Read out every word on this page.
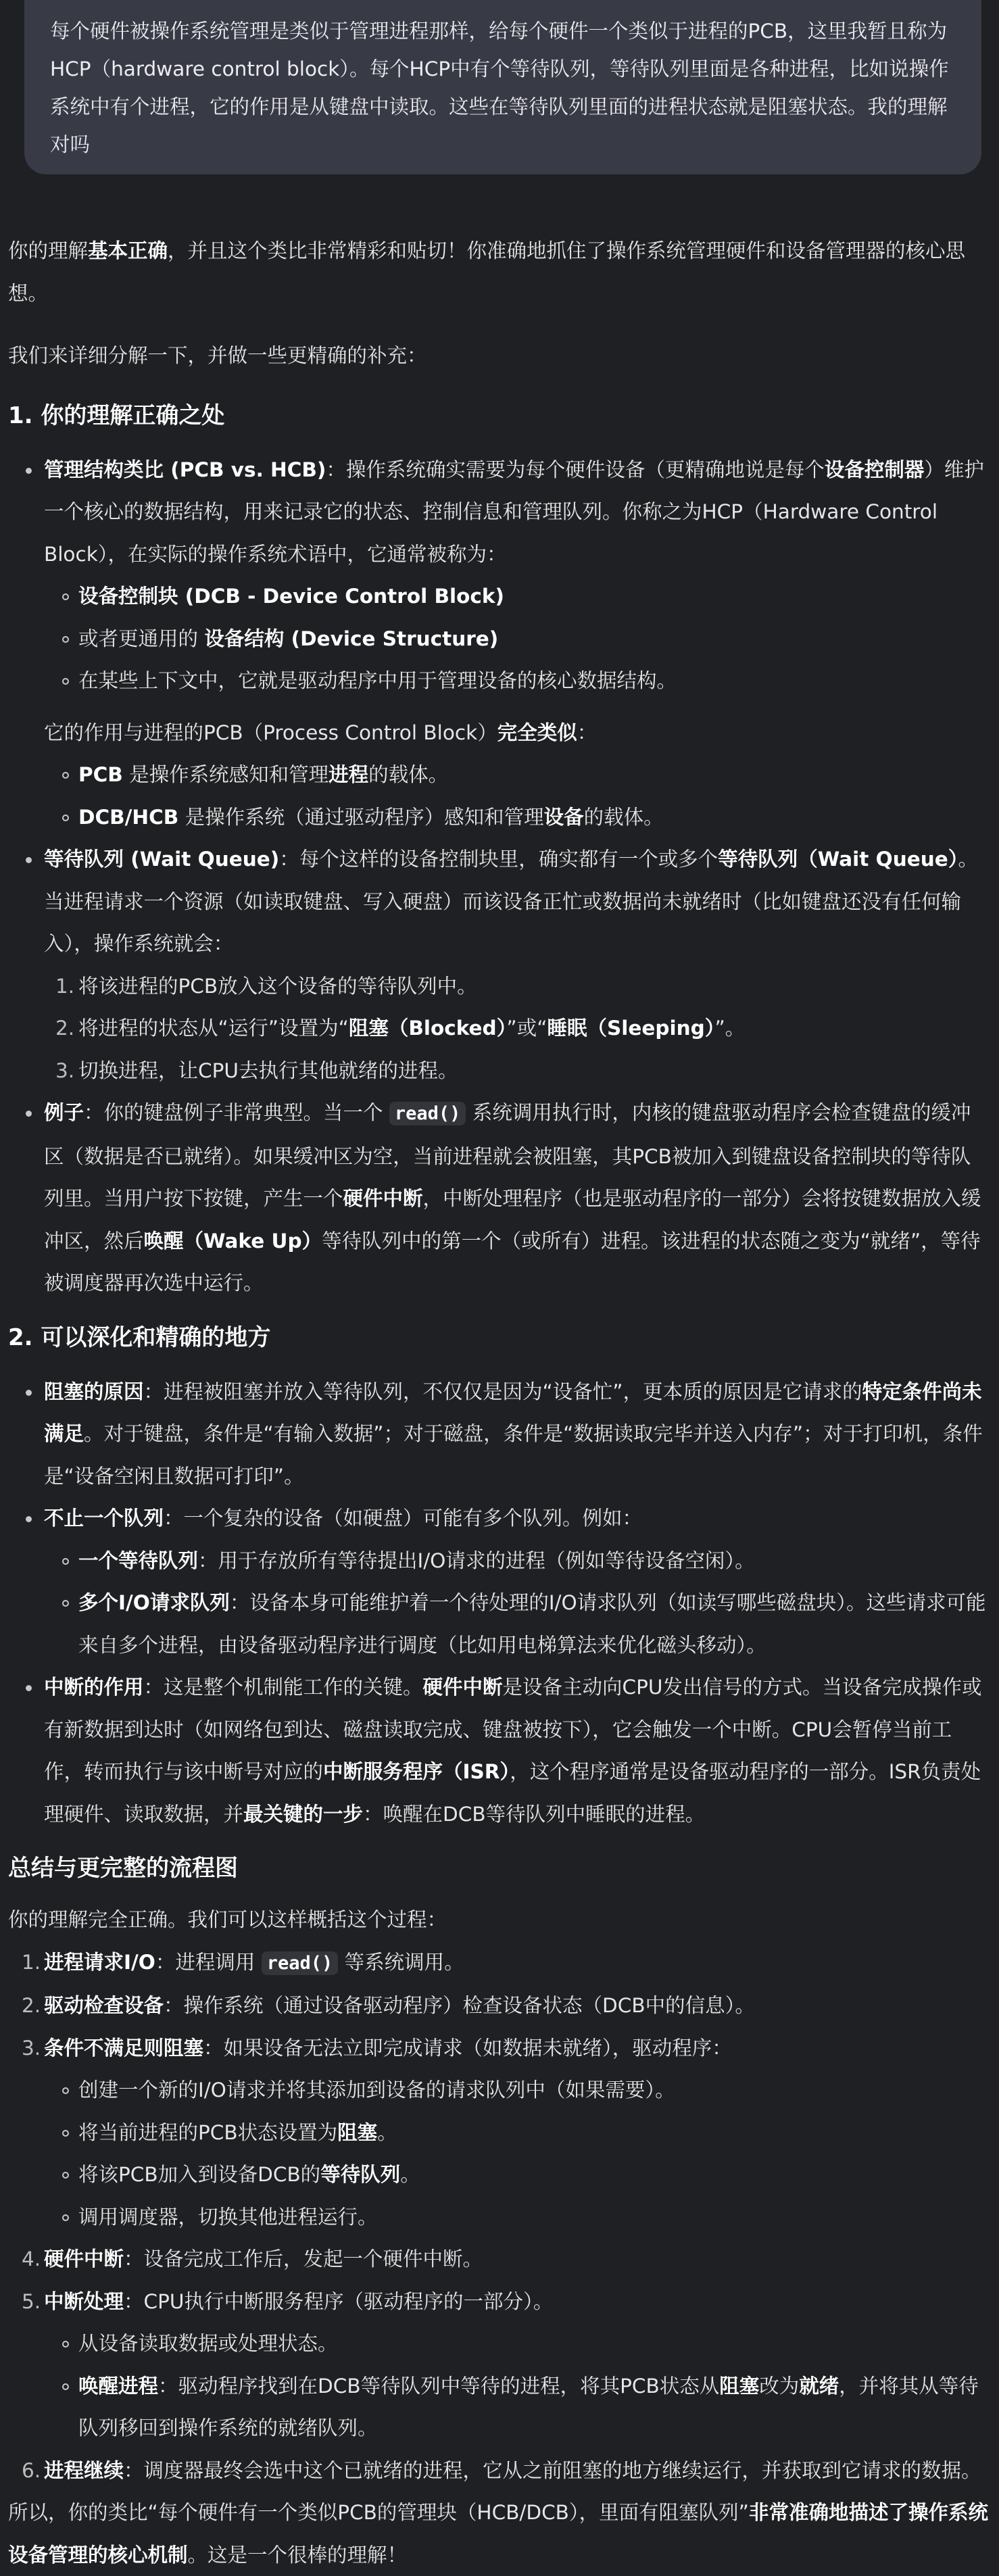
每个硬件被操作系统管理是类似于管理进程那样，给每个硬件一个类似于进程的PCB，这里我暂且称为HCP（hardware control block）。每个HCP中有个等待队列，等待队列里面是各种进程，比如说操作系统中有个进程，它的作用是从键盘中读取。这些在等待队列里面的进程状态就是阻塞状态。我的理解对吗

你的理解基本正确，并且这个类比非常精彩和贴切！你准确地抓住了操作系统管理硬件和设备管理器的核心思想。

我们来详细分解一下，并做一些更精确的补充：

1. 你的理解正确之处
管理结构类比 (PCB vs. HCB)：操作系统确实需要为每个硬件设备（更精确地说是每个设备控制器）维护一个核心的数据结构，用来记录它的状态、控制信息和管理队列。你称之为HCP（Hardware Control Block），在实际的操作系统术语中，它通常被称为：
设备控制块 (DCB - Device Control Block)
或者更通用的 设备结构 (Device Structure)
在某些上下文中，它就是驱动程序中用于管理设备的核心数据结构。
它的作用与进程的PCB（Process Control Block）完全类似：
PCB 是操作系统感知和管理进程的载体。
DCB/HCB 是操作系统（通过驱动程序）感知和管理设备的载体。
等待队列 (Wait Queue)：每个这样的设备控制块里，确实都有一个或多个等待队列（Wait Queue）。当进程请求一个资源（如读取键盘、写入硬盘）而该设备正忙或数据尚未就绪时（比如键盘还没有任何输入），操作系统就会：
1. 将该进程的PCB放入这个设备的等待队列中。
2. 将进程的状态从“运行”设置为“阻塞（Blocked）”或“睡眠（Sleeping）”。
3. 切换进程，让CPU去执行其他就绪的进程。
例子：你的键盘例子非常典型。当一个 read() 系统调用执行时，内核的键盘驱动程序会检查键盘的缓冲区（数据是否已就绪）。如果缓冲区为空，当前进程就会被阻塞，其PCB被加入到键盘设备控制块的等待队列里。当用户按下按键，产生一个硬件中断，中断处理程序（也是驱动程序的一部分）会将按键数据放入缓冲区，然后唤醒（Wake Up）等待队列中的第一个（或所有）进程。该进程的状态随之变为“就绪”，等待被调度器再次选中运行。
2. 可以深化和精确的地方
阻塞的原因：进程被阻塞并放入等待队列，不仅仅是因为“设备忙”，更本质的原因是它请求的特定条件尚未满足。对于键盘，条件是“有输入数据”；对于磁盘，条件是“数据读取完毕并送入内存”；对于打印机，条件是“设备空闲且数据可打印”。
不止一个队列：一个复杂的设备（如硬盘）可能有多个队列。例如：
一个等待队列：用于存放所有等待提出I/O请求的进程（例如等待设备空闲）。
多个I/O请求队列：设备本身可能维护着一个待处理的I/O请求队列（如读写哪些磁盘块）。这些请求可能来自多个进程，由设备驱动程序进行调度（比如用电梯算法来优化磁头移动）。
中断的作用：这是整个机制能工作的关键。硬件中断是设备主动向CPU发出信号的方式。当设备完成操作或有新数据到达时（如网络包到达、磁盘读取完成、键盘被按下），它会触发一个中断。CPU会暂停当前工作，转而执行与该中断号对应的中断服务程序（ISR），这个程序通常是设备驱动程序的一部分。ISR负责处理硬件、读取数据，并最关键的一步：唤醒在DCB等待队列中睡眠的进程。
总结与更完整的流程图

你的理解完全正确。我们可以这样概括这个过程：

1. 进程请求I/O：进程调用 read() 等系统调用。
2. 驱动检查设备：操作系统（通过设备驱动程序）检查设备状态（DCB中的信息）。
3. 条件不满足则阻塞：如果设备无法立即完成请求（如数据未就绪），驱动程序：
创建一个新的I/O请求并将其添加到设备的请求队列中（如果需要）。
将当前进程的PCB状态设置为阻塞。
将该PCB加入到设备DCB的等待队列。
调用调度器，切换其他进程运行。
4. 硬件中断：设备完成工作后，发起一个硬件中断。
5. 中断处理：CPU执行中断服务程序（驱动程序的一部分）。
从设备读取数据或处理状态。
唤醒进程：驱动程序找到在DCB等待队列中等待的进程，将其PCB状态从阻塞改为就绪，并将其从等待队列移回到操作系统的就绪队列。
6. 进程继续：调度器最终会选中这个已就绪的进程，它从之前阻塞的地方继续运行，并获取到它请求的数据。

所以，你的类比“每个硬件有一个类似PCB的管理块（HCB/DCB），里面有阻塞队列”非常准确地描述了操作系统设备管理的核心机制。这是一个很棒的理解！
